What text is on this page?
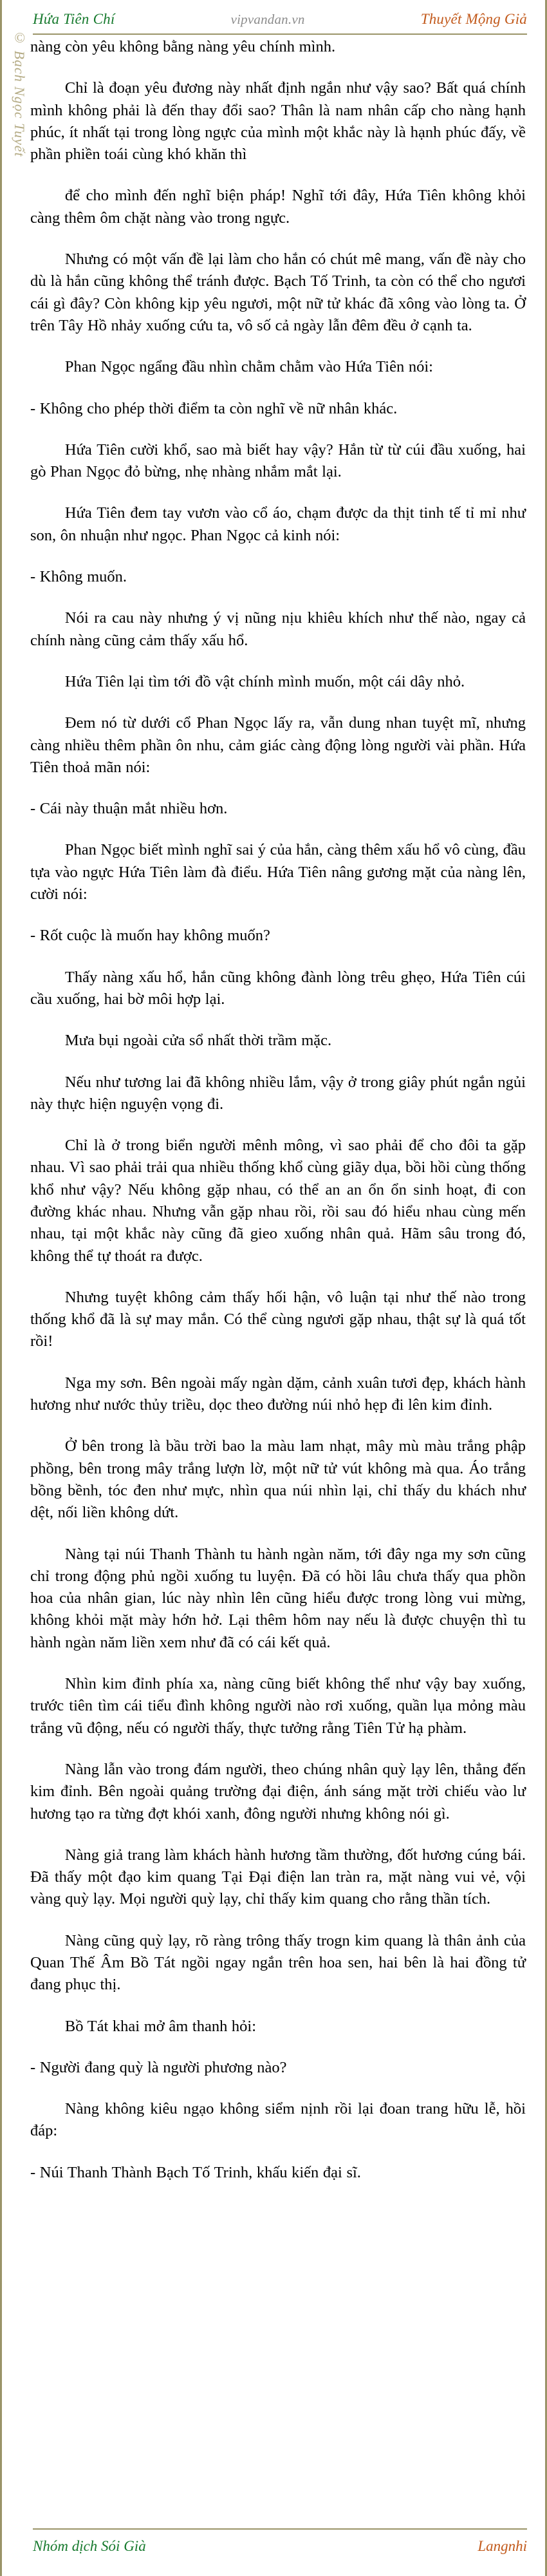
Hứa Tiên Chí	vipvandan.vn	Thuyết Mộng Giả
© Bạch Ngọc Tuyết nàng còn yêu không bằng nàng yêu chính mình.

Chỉ là đoạn yêu đương này nhất định ngắn như vậy sao? Bất quá chính mình không phải là đến thay đổi sao? Thân là nam nhân cấp cho nàng hạnh phúc, ít nhất tại trong lòng ngực của mình một khắc này là hạnh phúc đấy, về phần phiền toái cùng khó khăn thì

để cho mình đến nghĩ biện pháp! Nghĩ tới đây, Hứa Tiên không khỏi càng thêm ôm chặt nàng vào trong ngực.

Nhưng có một vấn đề lại làm cho hắn có chút mê mang, vấn đề này cho dù là hắn cũng không thể tránh được. Bạch Tố Trinh, ta còn có thể cho ngươi cái gì đây? Còn không kịp yêu ngươi, một nữ tử khác đã xông vào lòng ta. Ở trên Tây Hồ nhảy xuống cứu ta, vô số cả ngày lẫn đêm đều ở cạnh ta.

Phan Ngọc ngẩng đầu nhìn chằm chằm vào Hứa Tiên nói:

- Không cho phép thời điểm ta còn nghĩ về nữ nhân khác.

Hứa Tiên cười khổ, sao mà biết hay vậy? Hắn từ từ cúi đầu xuống, hai gò Phan Ngọc đỏ bừng, nhẹ nhàng nhắm mắt lại.

Hứa Tiên đem tay vươn vào cổ áo, chạm được da thịt tinh tế tỉ mỉ như son, ôn nhuận như ngọc. Phan Ngọc cả kinh nói:

- Không muốn.

Nói ra cau này nhưng ý vị nũng nịu khiêu khích như thế nào, ngay cả chính nàng cũng cảm thấy xấu hổ.

Hứa Tiên lại tìm tới đồ vật chính mình muốn, một cái dây nhỏ.

Đem nó từ dưới cổ Phan Ngọc lấy ra, vẫn dung nhan tuyệt mĩ, nhưng càng nhiều thêm phần ôn nhu, cảm giác càng động lòng người vài phần. Hứa Tiên thoả mãn nói:

- Cái này thuận mắt nhiều hơn.

Phan Ngọc biết mình nghĩ sai ý của hắn, càng thêm xấu hổ vô cùng, đầu tựa vào ngực Hứa Tiên làm đà điểu. Hứa Tiên nâng gương mặt của nàng lên, cười nói:

- Rốt cuộc là muốn hay không muốn?

Thấy nàng xấu hổ, hắn cũng không đành lòng trêu ghẹo, Hứa Tiên cúi cầu xuống, hai bờ môi hợp lại.

Mưa bụi ngoài cửa sổ nhất thời trầm mặc.

Nếu như tương lai đã không nhiều lắm, vậy ở trong giây phút ngắn ngủi này thực hiện nguyện vọng đi.

Chỉ là ở trong biển người mênh mông, vì sao phải để cho đôi ta gặp nhau. Vì sao phải trải qua nhiều thống khổ cùng giãy dụa, bồi hồi cùng thống khổ như vậy? Nếu không gặp nhau, có thể an an ổn ổn sinh hoạt, đi con đường khác nhau. Nhưng vẫn gặp nhau rồi, rồi sau đó hiểu nhau cùng mến nhau, tại một khắc này cũng đã gieo xuống nhân quả. Hãm sâu trong đó, không thể tự thoát ra được.

Nhưng tuyệt không cảm thấy hối hận, vô luận tại như thế nào trong thống khổ đã là sự may mắn. Có thể cùng ngươi gặp nhau, thật sự là quá tốt rồi!

Nga my sơn. Bên ngoài mấy ngàn dặm, cảnh xuân tươi đẹp, khách hành hương như nước thủy triều, dọc theo đường núi nhỏ hẹp đi lên kim đỉnh.

Ở bên trong là bầu trời bao la màu lam nhạt, mây mù màu trắng phập phồng, bên trong mây trắng lượn lờ, một nữ tử vút không mà qua. Áo trắng bồng bềnh, tóc đen như mực, nhìn qua núi nhìn lại, chỉ thấy du khách như dệt, nối liền không dứt.

Nàng tại núi Thanh Thành tu hành ngàn năm, tới đây nga my sơn cũng chỉ trong động phủ ngồi xuống tu luyện. Đã có hồi lâu chưa thấy qua phồn hoa của nhân gian, lúc này nhìn lên cũng hiểu được trong lòng vui mừng, không khỏi mặt mày hớn hở. Lại thêm hôm nay nếu là được chuyện thì tu hành ngàn năm liền xem như đã có cái kết quả.

Nhìn kim đỉnh phía xa, nàng cũng biết không thể như vậy bay xuống, trước tiên tìm cái tiểu đình không người nào rơi xuống, quần lụa mỏng màu trắng vũ động, nếu có người thấy, thực tưởng rằng Tiên Tử hạ phàm.

Nàng lẫn vào trong đám người, theo chúng nhân quỳ lạy lên, thẳng đến kim đỉnh. Bên ngoài quảng trường đại điện, ánh sáng mặt trời chiếu vào lư hương tạo ra từng đợt khói xanh, đông người nhưng không nói gì.

Nàng giả trang làm khách hành hương tầm thường, đốt hương cúng bái. Đã thấy một đạo kim quang Tại Đại điện lan tràn ra, mặt nàng vui vẻ, vội vàng quỳ lạy. Mọi người quỳ lạy, chỉ thấy kim quang cho rằng thần tích.

Nàng cũng quỳ lạy, rõ ràng trông thấy trogn kim quang là thân ảnh của Quan Thế Âm Bồ Tát ngồi ngay ngắn trên hoa sen, hai bên là hai đồng tử đang phục thị.

Bồ Tát khai mở âm thanh hỏi:

- Người đang quỳ là người phương nào?

Nàng không kiêu ngạo không siểm nịnh rồi lại đoan trang hữu lễ, hồi đáp:

- Núi Thanh Thành Bạch Tố Trinh, khấu kiến đại sĩ.

Nhóm dịch Sói Già	Langnhi
